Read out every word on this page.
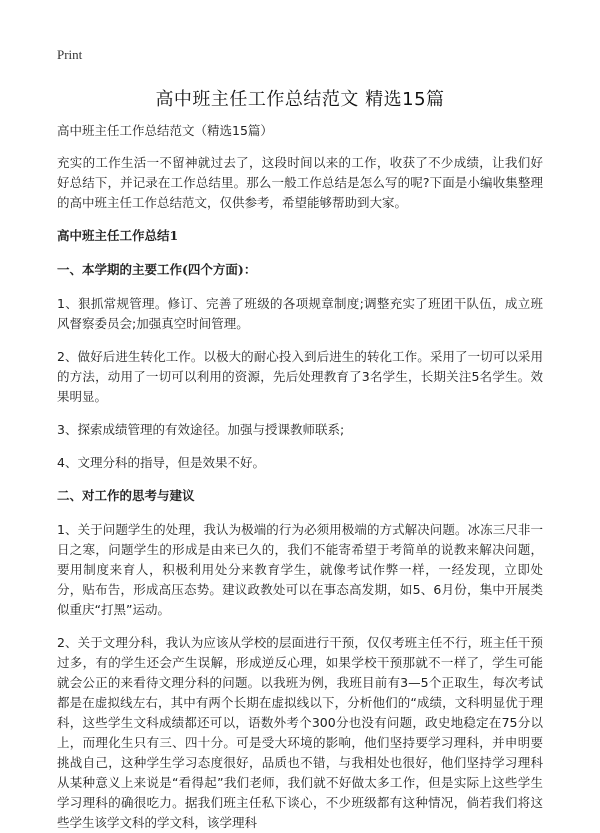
Print
高中班主任工作总结范文 精选15篇
高中班主任工作总结范文（精选15篇）

充实的工作生活一不留神就过去了，这段时间以来的工作，收获了不少成绩，让我们好好总结下，并记录在工作总结里。那么一般工作总结是怎么写的呢?下面是小编收集整理的高中班主任工作总结范文，仅供参考，希望能够帮助到大家。

高中班主任工作总结1
一、本学期的主要工作(四个方面)：

1、狠抓常规管理。修订、完善了班级的各项规章制度;调整充实了班团干队伍，成立班风督察委员会;加强真空时间管理。

2、做好后进生转化工作。以极大的耐心投入到后进生的转化工作。采用了一切可以采用的方法，动用了一切可以利用的资源，先后处理教育了3名学生，长期关注5名学生。效果明显。

3、探索成绩管理的有效途径。加强与授课教师联系;

4、文理分科的指导，但是效果不好。

二、对工作的思考与建议

1、关于问题学生的处理，我认为极端的行为必须用极端的方式解决问题。冰冻三尺非一日之寒，问题学生的形成是由来已久的，我们不能寄希望于考简单的说教来解决问题，要用制度来育人，积极利用处分来教育学生，就像考试作弊一样，一经发现，立即处分，贴布告，形成高压态势。建议政教处可以在事态高发期，如5、6月份，集中开展类似重庆“打黑”运动。

2、关于文理分科，我认为应该从学校的层面进行干预，仅仅考班主任不行，班主任干预过多，有的学生还会产生误解，形成逆反心理，如果学校干预那就不一样了，学生可能就会公正的来看待文理分科的问题。以我班为例，我班目前有3—5个正取生，每次考试都是在虚拟线左右，其中有两个长期在虚拟线以下，分析他们的“成绩，文科明显优于理科，这些学生文科成绩都还可以，语数外考个300分也没有问题，政史地稳定在75分以上，而理化生只有三、四十分。可是受大环境的影响，他们坚持要学习理科，并申明要挑战自己，这种学生学习态度很好，品质也不错，与我相处也很好，他们坚持学习理科从某种意义上来说是“看得起”我们老师，我们就不好做太多工作，但是实际上这些学生学习理科的确很吃力。据我们班主任私下谈心，不少班级都有这种情况，倘若我们将这些学生该学文科的学文科，该学理科
